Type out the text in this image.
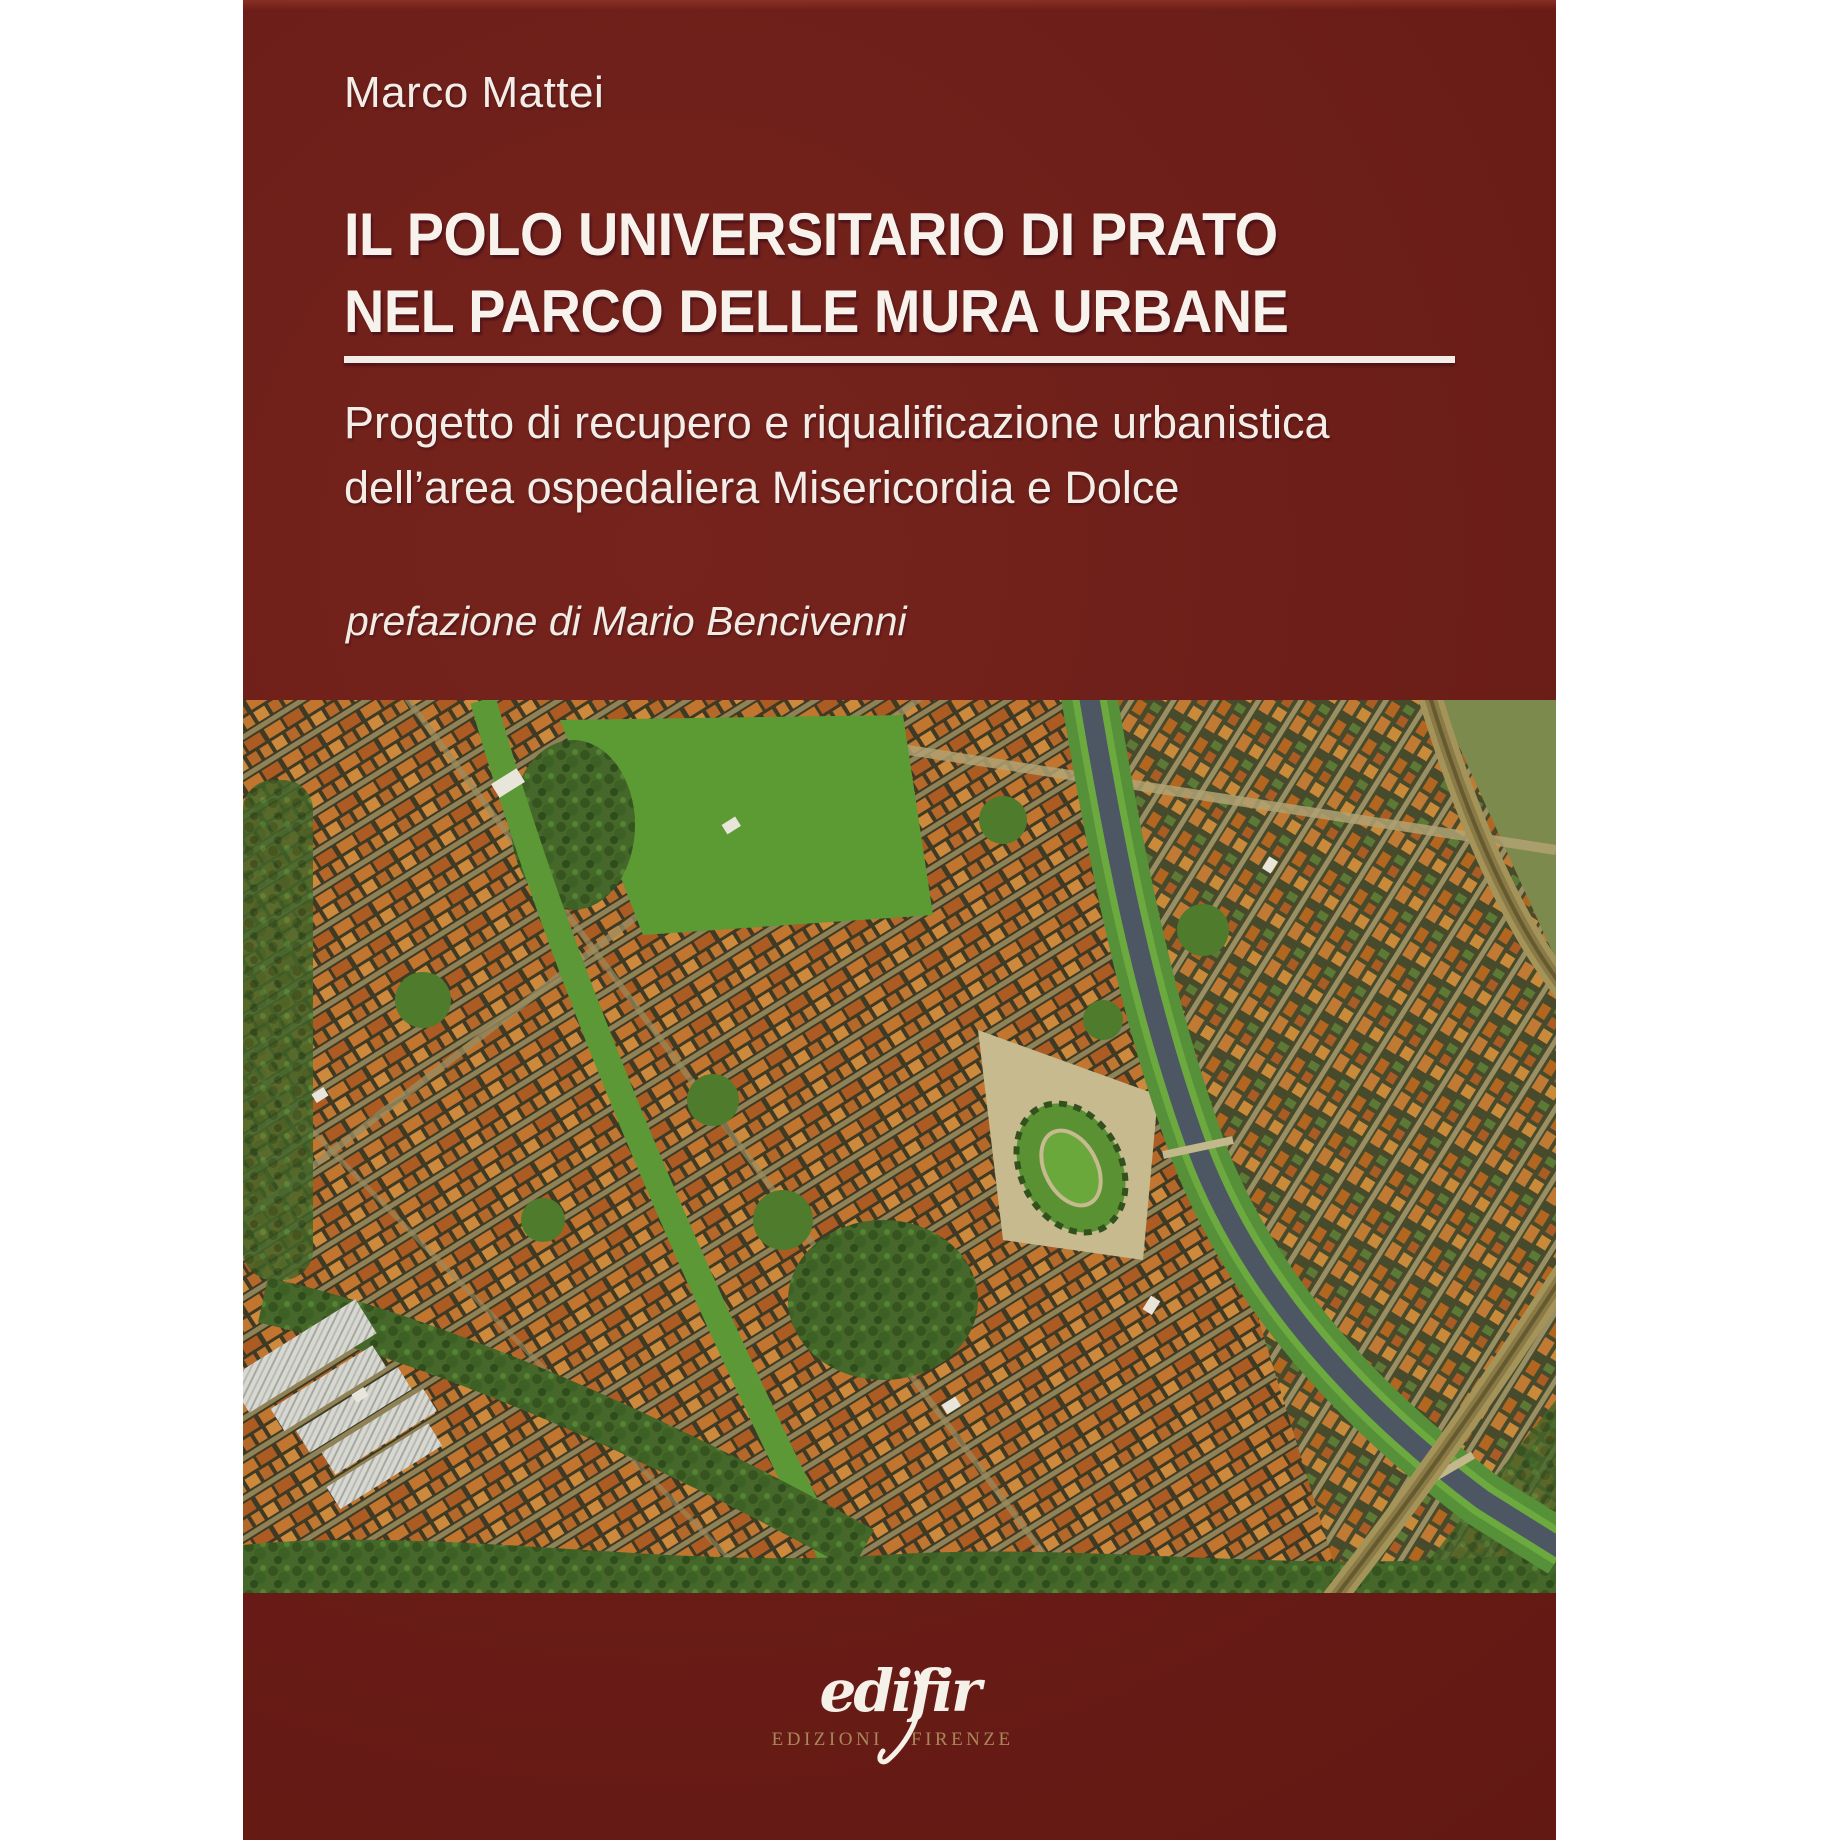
Marco Mattei
IL POLO UNIVERSITARIO DI PRATO
NEL PARCO DELLE MURA URBANE
Progetto di recupero e riqualificazione urbanistica
dell’area ospedaliera Misericordia e Dolce
prefazione di Mario Bencivenni
edifir
EDIZIONI FIRENZE
